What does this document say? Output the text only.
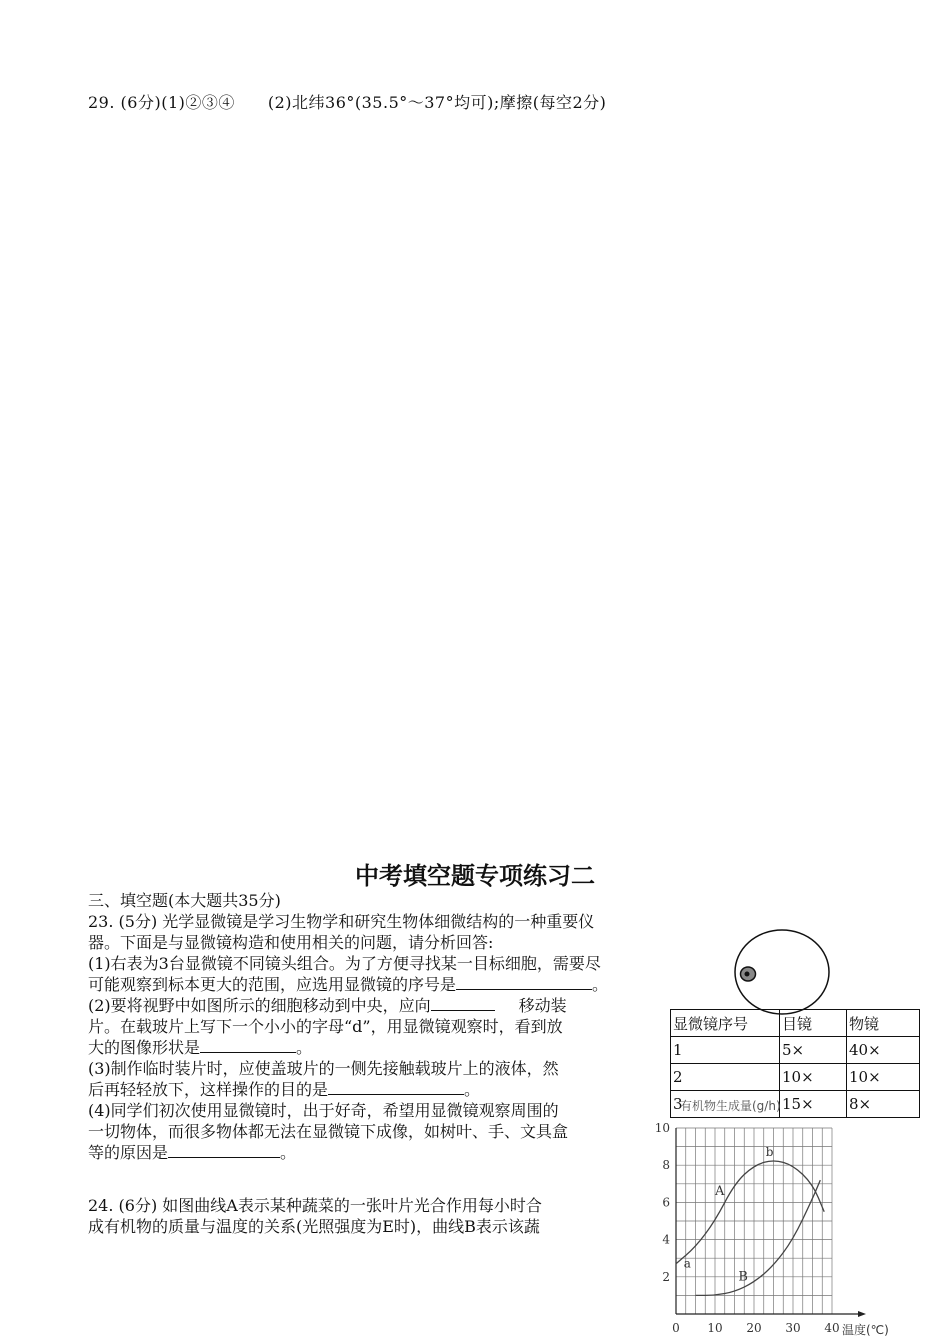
29. (6分)(1)②③④　　(2)北纬36°(35.5°～37°均可);摩擦(每空2分)
中考填空题专项练习二

三、填空题(本大题共35分)

23. (5分) 光学显微镜是学习生物学和研究生物体细微结构的一种重要仪

器。下面是与显微镜构造和使用相关的问题，请分析回答:

(1)右表为3台显微镜不同镜头组合。为了方便寻找某一目标细胞，需要尽

可能观察到标本更大的范围，应选用显微镜的序号是	。

(2)要将视野中如图所示的细胞移动到中央，应向	移动装

片。在载玻片上写下一个小小的字母“d”，用显微镜观察时，看到放

大的图像形状是	。

(3)制作临时装片时，应使盖玻片的一侧先接触载玻片上的液体，然

后再轻轻放下，这样操作的目的是	。

(4)同学们初次使用显微镜时，出于好奇，希望用显微镜观察周围的

一切物体，而很多物体都无法在显微镜下成像，如树叶、手、文具盒

等的原因是	。

24. (6分) 如图曲线A表示某种蔬菜的一张叶片光合作用每小时合

成有机物的质量与温度的关系(光照强度为E时)，曲线B表示该蔬

显微镜序号	目镜	物镜
1	5×	40×
2	10×	10×
3	15×	8×
有机物生成量(g/h)
0 10 20 30 40
2
4
6
8
10
温度(℃)
A
B
a
b
